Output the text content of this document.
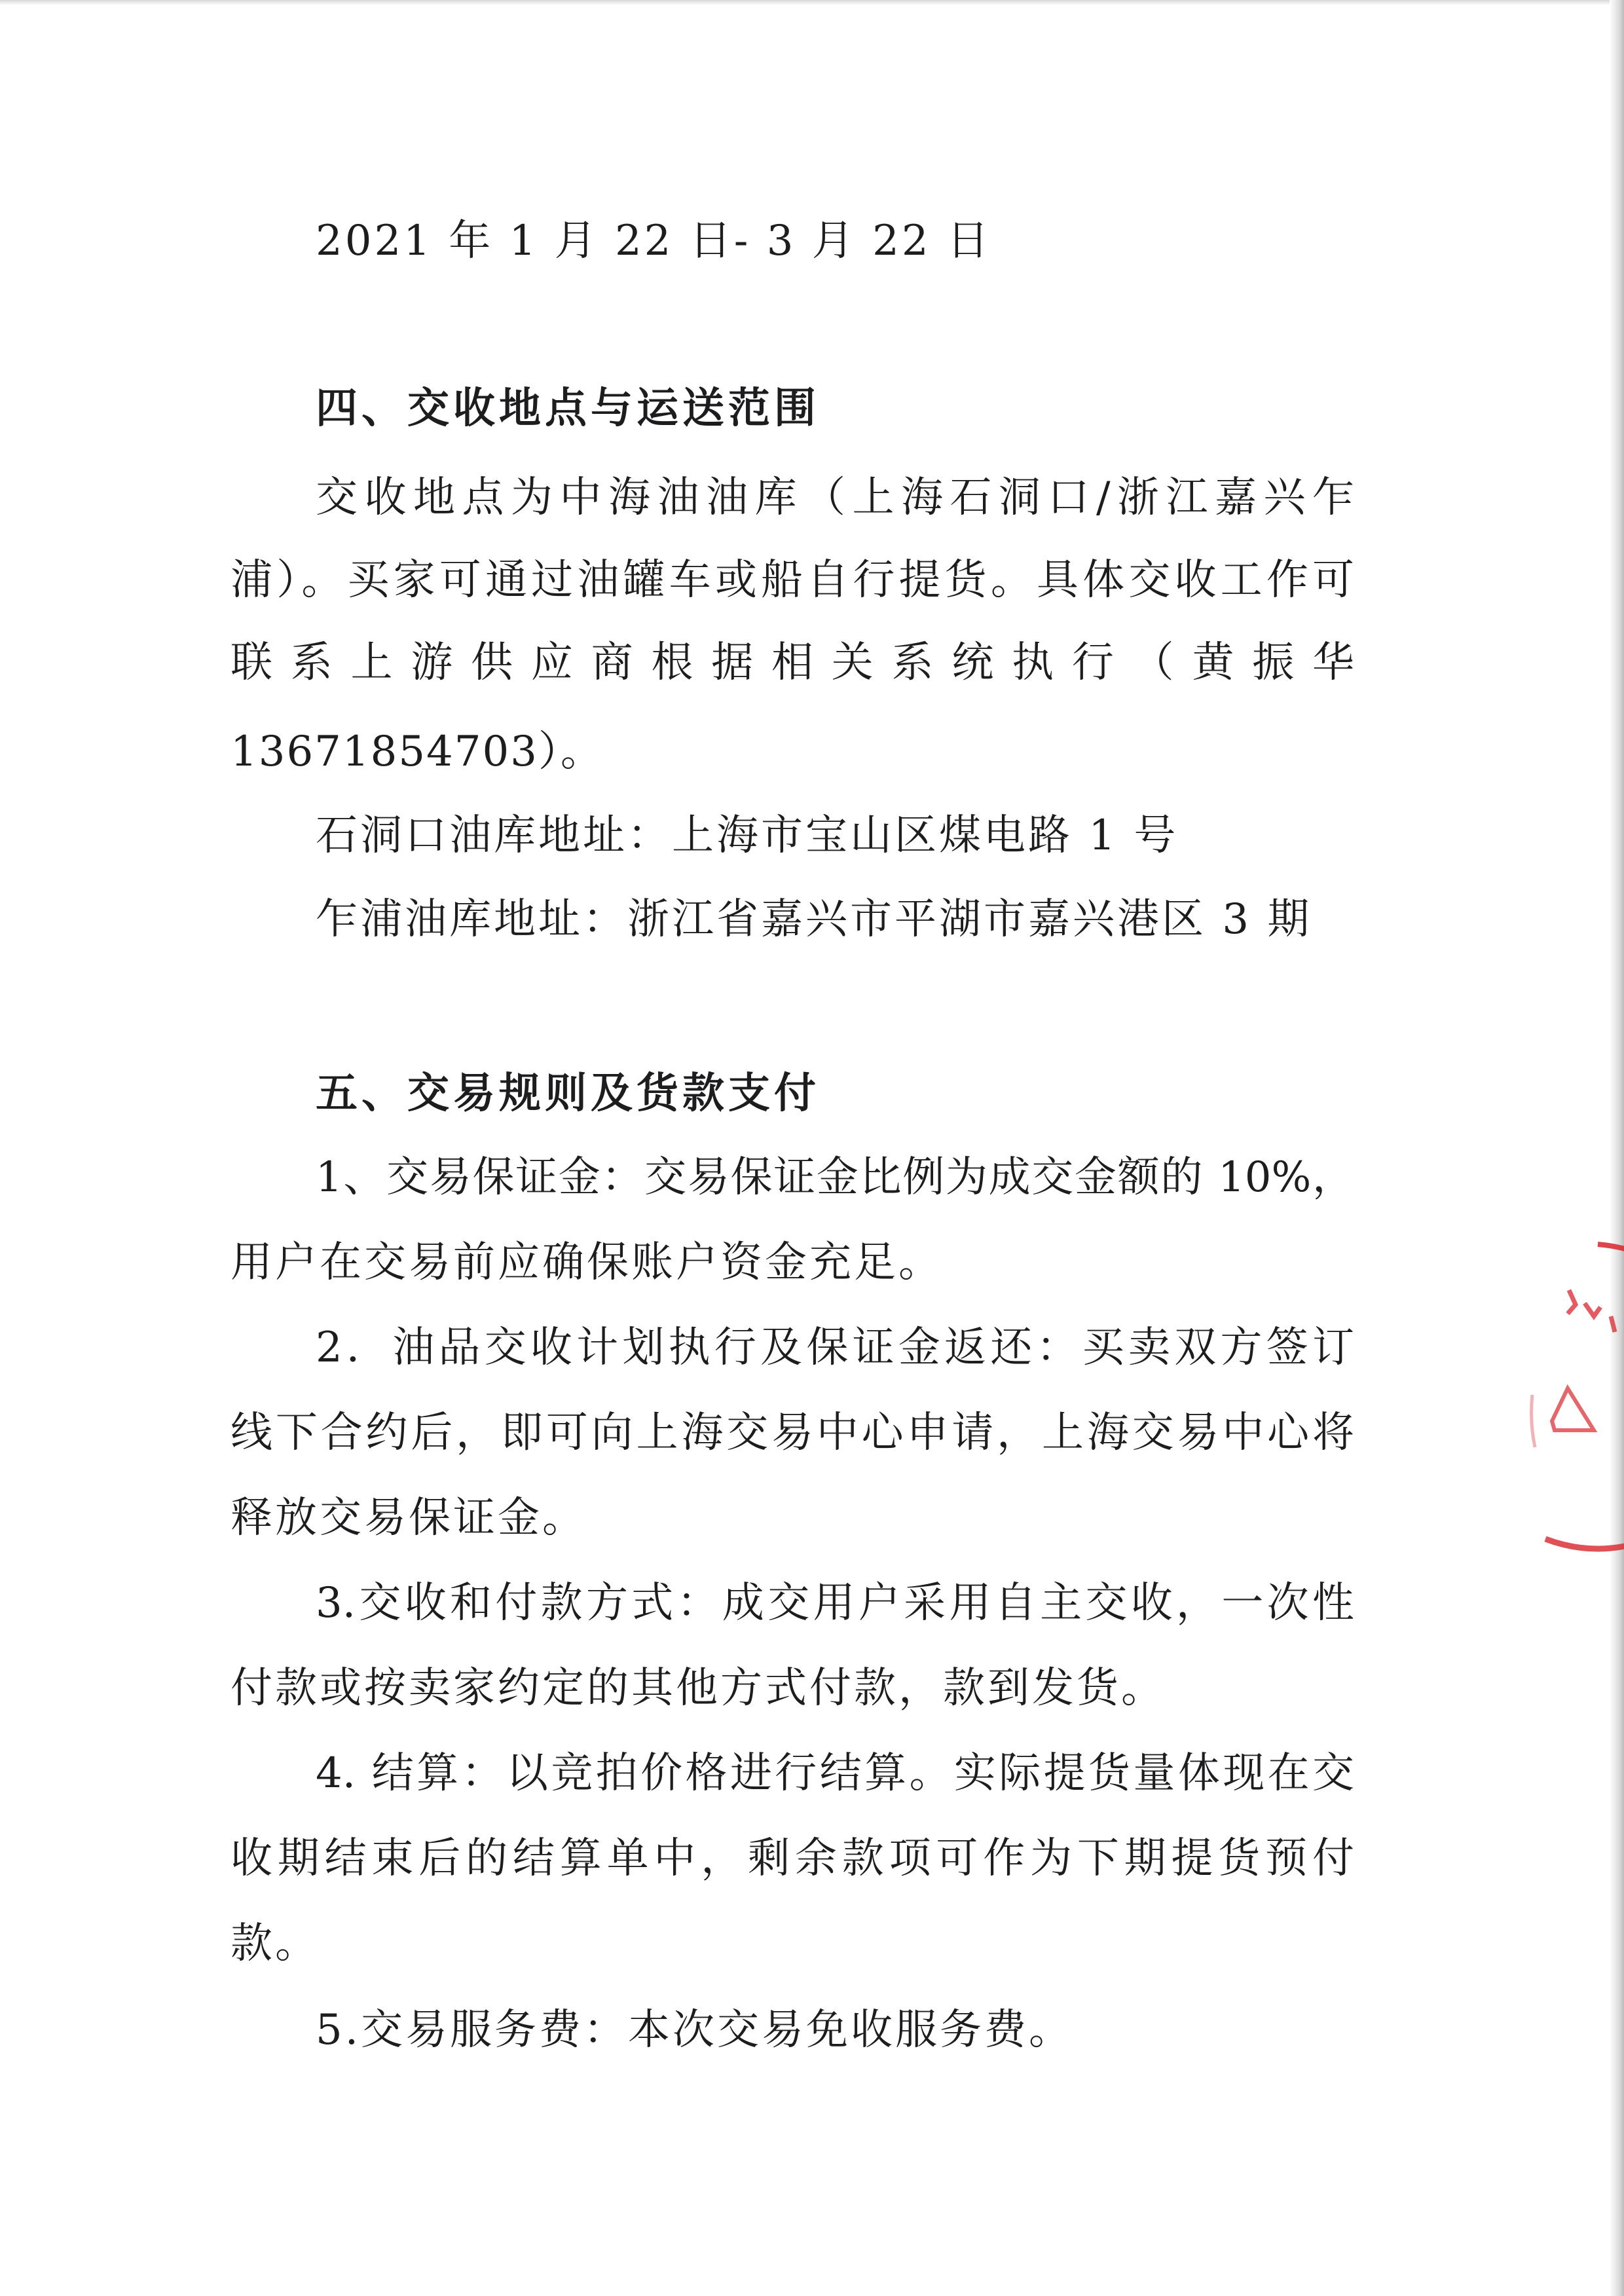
2021 年 1 月 22 日- 3 月 22 日
四、交收地点与运送范围
交收地点为中海油油库（上海石洞口/浙江嘉兴乍
浦）。买家可通过油罐车或船自行提货。具体交收工作可
联系上游供应商根据相关系统执行（黄振华
13671854703）。
石洞口油库地址：上海市宝山区煤电路 1 号
乍浦油库地址：浙江省嘉兴市平湖市嘉兴港区 3 期
五、交易规则及货款支付
1、交易保证金：交易保证金比例为成交金额的 10%，
用户在交易前应确保账户资金充足。
2．油品交收计划执行及保证金返还：买卖双方签订
线下合约后，即可向上海交易中心申请，上海交易中心将
释放交易保证金。
3.交收和付款方式：成交用户采用自主交收，一次性
付款或按卖家约定的其他方式付款，款到发货。
4. 结算：以竞拍价格进行结算。实际提货量体现在交
收期结束后的结算单中，剩余款项可作为下期提货预付
款。
5.交易服务费：本次交易免收服务费。
